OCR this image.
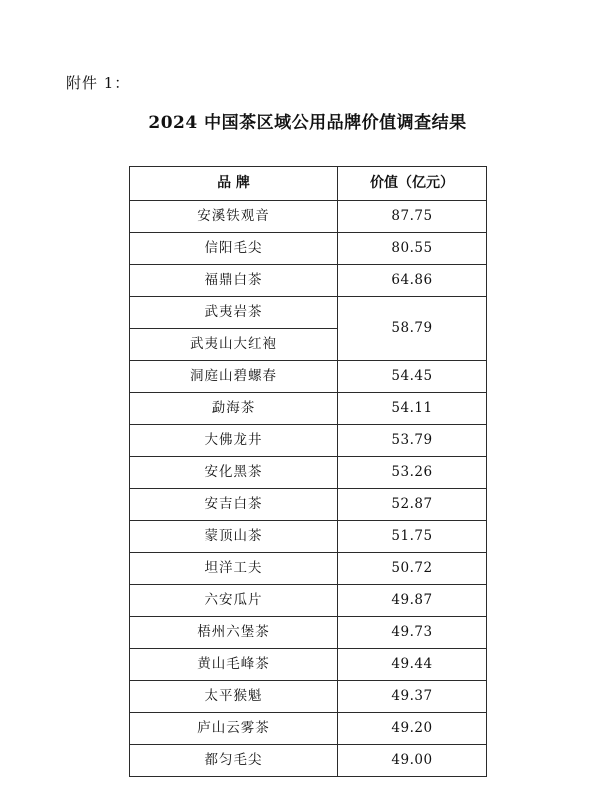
附件 1：
2024 中国茶区域公用品牌价值调查结果
品 牌	价值（亿元）
安溪铁观音	87.75
信阳毛尖	80.55
福鼎白茶	64.86
武夷岩茶	58.79
武夷山大红袍	
洞庭山碧螺春	54.45
勐海茶	54.11
大佛龙井	53.79
安化黑茶	53.26
安吉白茶	52.87
蒙顶山茶	51.75
坦洋工夫	50.72
六安瓜片	49.87
梧州六堡茶	49.73
黄山毛峰茶	49.44
太平猴魁	49.37
庐山云雾茶	49.20
都匀毛尖	49.00
